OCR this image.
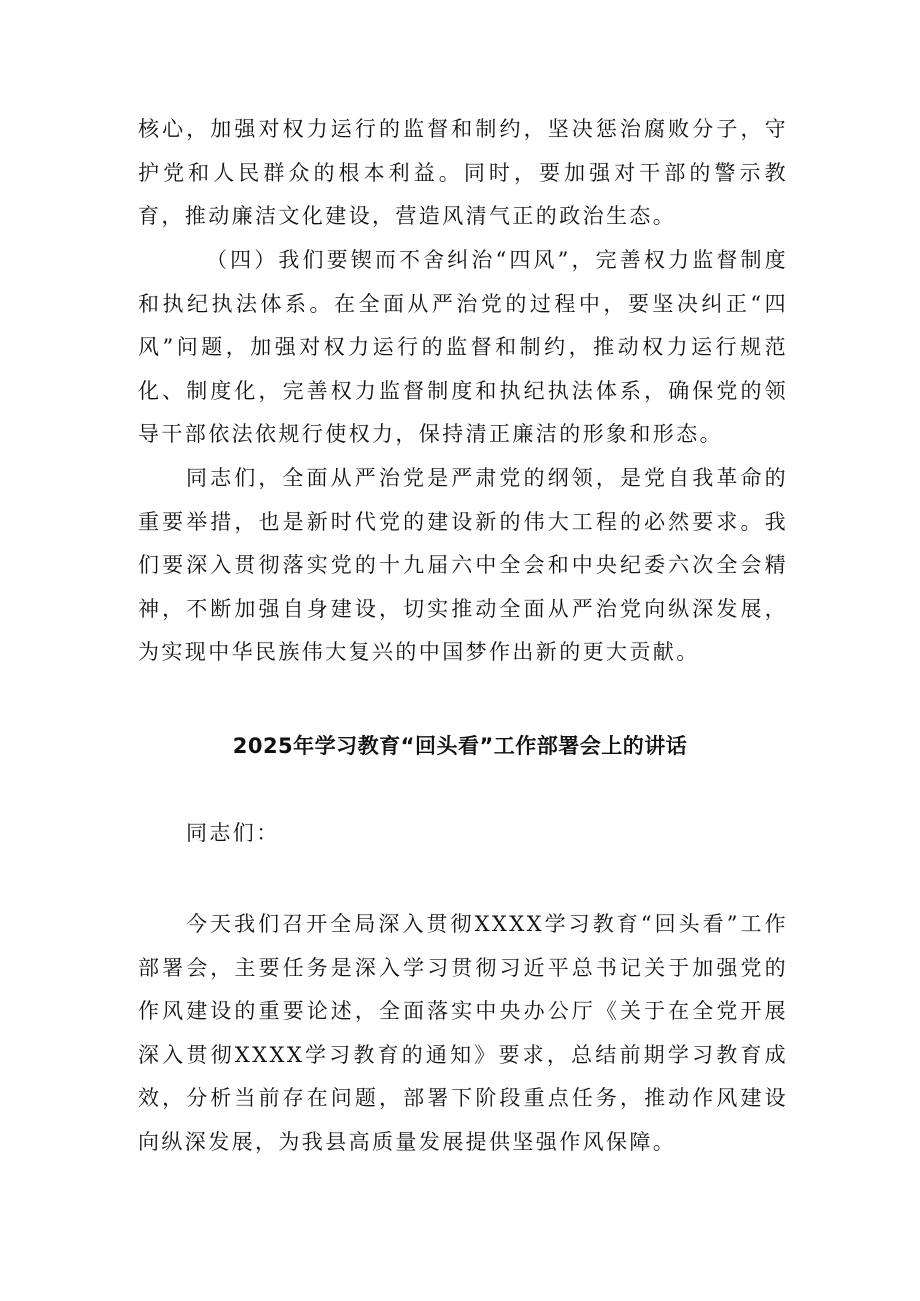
核心，加强对权力运行的监督和制约，坚决惩治腐败分子，守护党和人民群众的根本利益。同时，要加强对干部的警示教育，推动廉洁文化建设，营造风清气正的政治生态。

（四）我们要锲而不舍纠治“四风”，完善权力监督制度和执纪执法体系。在全面从严治党的过程中，要坚决纠正“四风”问题，加强对权力运行的监督和制约，推动权力运行规范化、制度化，完善权力监督制度和执纪执法体系，确保党的领导干部依法依规行使权力，保持清正廉洁的形象和形态。

同志们，全面从严治党是严肃党的纲领，是党自我革命的重要举措，也是新时代党的建设新的伟大工程的必然要求。我们要深入贯彻落实党的十九届六中全会和中央纪委六次全会精神，不断加强自身建设，切实推动全面从严治党向纵深发展，为实现中华民族伟大复兴的中国梦作出新的更大贡献。

2025年学习教育“回头看”工作部署会上的讲话

同志们：

今天我们召开全局深入贯彻XXXX学习教育“回头看”工作部署会，主要任务是深入学习贯彻习近平总书记关于加强党的作风建设的重要论述，全面落实中央办公厅《关于在全党开展深入贯彻XXXX学习教育的通知》要求，总结前期学习教育成效，分析当前存在问题，部署下阶段重点任务，推动作风建设向纵深发展，为我县高质量发展提供坚强作风保障。
